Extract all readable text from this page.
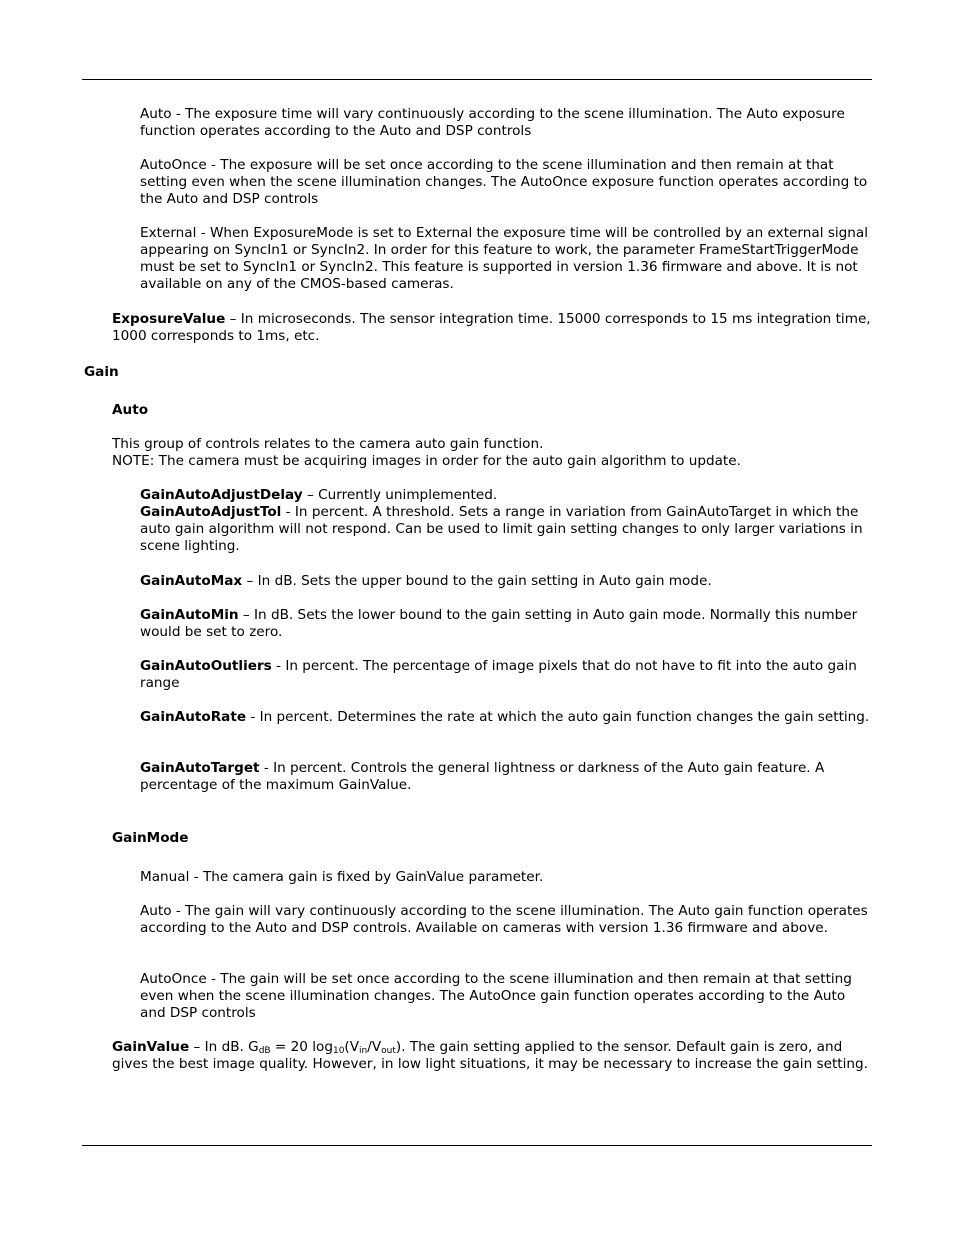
Auto - The exposure time will vary continuously according to the scene illumination. The Auto exposure function operates according to the Auto and DSP controls

AutoOnce - The exposure will be set once according to the scene illumination and then remain at that setting even when the scene illumination changes. The AutoOnce exposure function operates according to the Auto and DSP controls

External - When ExposureMode is set to External the exposure time will be controlled by an external signal appearing on SyncIn1 or SyncIn2. In order for this feature to work, the parameter FrameStartTriggerMode must be set to SyncIn1 or SyncIn2. This feature is supported in version 1.36 firmware and above. It is not available on any of the CMOS-based cameras.

ExposureValue – In microseconds. The sensor integration time. 15000 corresponds to 15 ms integration time, 1000 corresponds to 1ms, etc.

Gain
Auto

This group of controls relates to the camera auto gain function.
NOTE: The camera must be acquiring images in order for the auto gain algorithm to update.

GainAutoAdjustDelay – Currently unimplemented.
GainAutoAdjustTol - In percent. A threshold. Sets a range in variation from GainAutoTarget in which the auto gain algorithm will not respond. Can be used to limit gain setting changes to only larger variations in scene lighting.

GainAutoMax – In dB. Sets the upper bound to the gain setting in Auto gain mode.

GainAutoMin – In dB. Sets the lower bound to the gain setting in Auto gain mode. Normally this number would be set to zero.

GainAutoOutliers - In percent. The percentage of image pixels that do not have to fit into the auto gain range

GainAutoRate - In percent. Determines the rate at which the auto gain function changes the gain setting.

GainAutoTarget - In percent. Controls the general lightness or darkness of the Auto gain feature. A percentage of the maximum GainValue.

GainMode

Manual - The camera gain is fixed by GainValue parameter.

Auto - The gain will vary continuously according to the scene illumination. The Auto gain function operates according to the Auto and DSP controls. Available on cameras with version 1.36 firmware and above.

AutoOnce - The gain will be set once according to the scene illumination and then remain at that setting even when the scene illumination changes. The AutoOnce gain function operates according to the Auto and DSP controls

GainValue – In dB. $G_{dB} = 20$ $\log_{10}(V_{in}/V_{out})$. The gain setting applied to the sensor. Default gain is zero, and gives the best image quality. However, in low light situations, it may be necessary to increase the gain setting.
